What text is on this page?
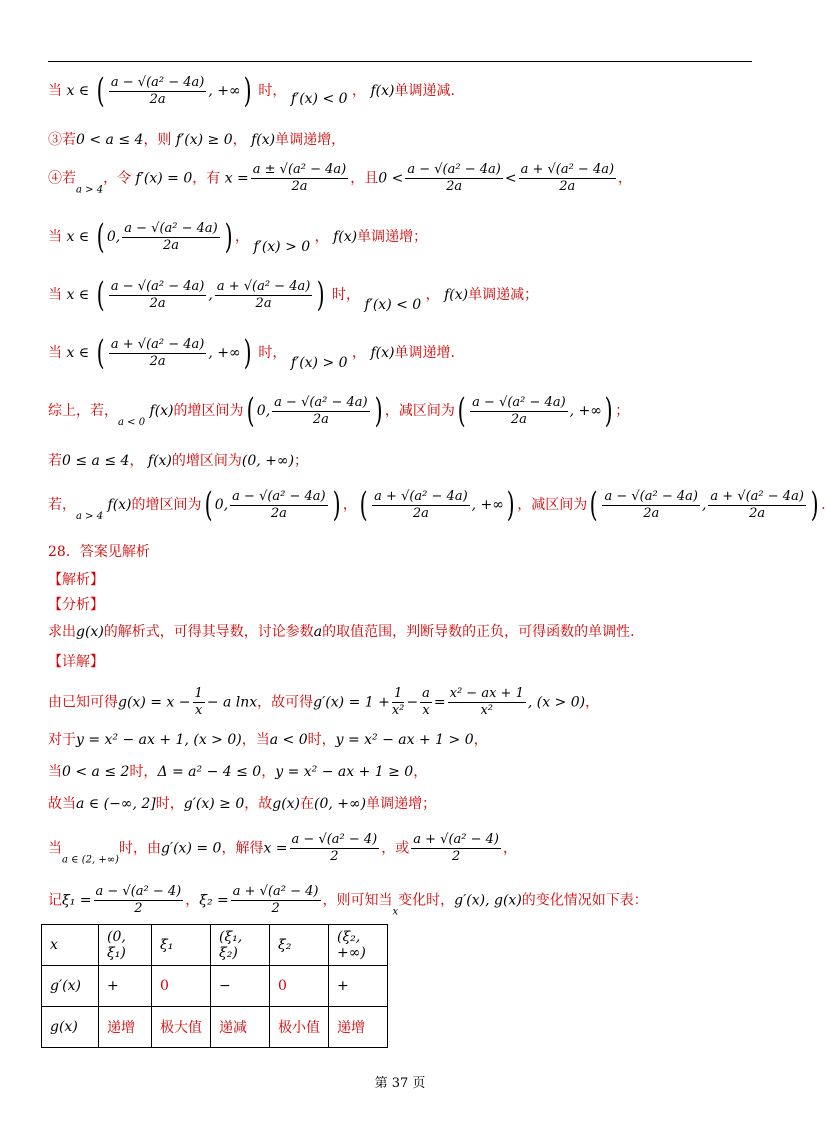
当 x ∈ ( $\frac{\text{a − √(a² − 4a)}}{2a}$ , +∞) 时， f′(x) < 0 ， f(x)单调递减.
③若0 < a ≤ 4，则 f′(x) ≥ 0， f(x)单调递增，
④若$_{a > 4}$，令 f′(x) = 0，有 $x = \frac{\text{a ± √(a² − 4a)}}{2a}$ ，且$0 < \frac{\text{a − √(a² − 4a)}}{2a} < \frac{\text{a + √(a² − 4a)}}{2a}$ ，
当 x ∈ ( 0, $\frac{\text{a − √(a² − 4a)}}{2a}$ ) ， f′(x) > 0 ， f(x)单调递增；
当 x ∈ ( $\frac{\text{a − √(a² − 4a)}}{2a}$ , $\frac{\text{a + √(a² − 4a)}}{2a}$ ) 时， f′(x) < 0 ， f(x)单调递减；
当 x ∈ ( $\frac{\text{a + √(a² − 4a)}}{2a}$ , +∞) 时， f′(x) > 0 ， f(x)单调递增.
综上，若，$_{a < 0}$ f(x)的增区间为( 0, $\frac{\text{a − √(a² − 4a)}}{2a}$ ) ，减区间为( $\frac{\text{a − √(a² − 4a)}}{2a}$ , +∞) ；
若0 ≤ a ≤ 4， f(x)的增区间为(0, +∞)；
若，$_{a > 4}$ f(x)的增区间为( 0, $\frac{\text{a − √(a² − 4a)}}{2a}$ ) ，( $\frac{\text{a + √(a² − 4a)}}{2a}$ , +∞) ，减区间为( $\frac{\text{a − √(a² − 4a)}}{2a}$ , $\frac{\text{a + √(a² − 4a)}}{2a}$ ) .
28．答案见解析
【解析】
【分析】
求出g(x)的解析式，可得其导数，讨论参数a的取值范围，判断导数的正负，可得函数的单调性.
【详解】
由已知可得$g(x) = x - \frac{1}{x} - a$ lnx，故可得$g'(x) = 1 + \frac{1}{\text{x²}} - \frac{a}{x} = \frac{\text{x² − ax + 1}}{\text{x²}}$ , (x > 0)，
对于y = x² − ax + 1, (x > 0)，当a < 0时，y = x² − ax + 1 > 0，
当0 < a ≤ 2时，Δ = a² − 4 ≤ 0，y = x² − ax + 1 ≥ 0，
故当a ∈ (−∞, 2]时，g′(x) ≥ 0，故g(x)在(0, +∞)单调递增；
当$_{a \in (2, +\infty)}$时，由g′(x) = 0，解得$x = \frac{\text{a − √(a² − 4)}}{2}$ ，或 $\frac{\text{a + √(a² − 4)}}{2}$ ，
记$\xi_1 = \frac{\text{a − √(a² − 4)}}{2}$ ，$\xi_2 = \frac{\text{a + √(a² − 4)}}{2}$ ，则可知当$_x$变化时，g′(x), g(x)的变化情况如下表：
x	(0, ξ₁)	ξ₁	(ξ₁, ξ₂)	ξ₂	(ξ₂, +∞)
g′(x)	+	0	−	0	+
g(x)	递增	极大值	递减	极小值	递增
第 37 页
